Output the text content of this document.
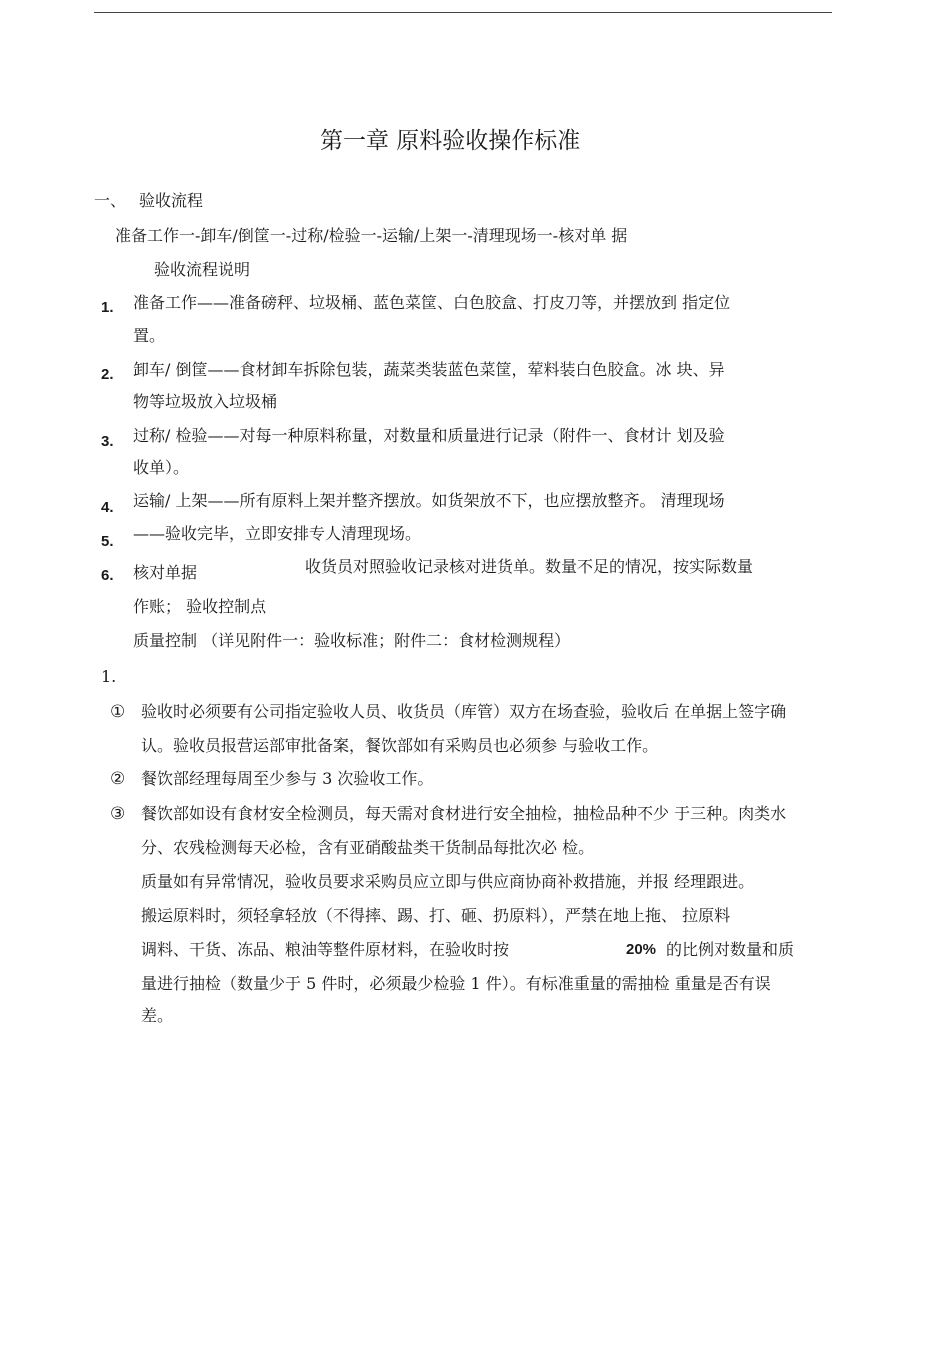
第一章 原料验收操作标准
一、 验收流程
准备工作一-卸车/倒筐一-过称/检验一-运输/上架一-清理现场一-核对单 据
验收流程说明
1. 准备工作——准备磅秤、垃圾桶、蓝色菜筐、白色胶盒、打皮刀等，并摆放到 指定位
置。
2. 卸车/ 倒筐——食材卸车拆除包装，蔬菜类装蓝色菜筐，荤料装白色胶盒。冰 块、异
物等垃圾放入垃圾桶
3. 过称/ 检验——对每一种原料称量，对数量和质量进行记录（附件一、食材计 划及验
收单）。
4. 运输/ 上架——所有原料上架并整齐摆放。如货架放不下，也应摆放整齐。 清理现场
5. ——验收完毕，立即安排专人清理现场。
6. 核对单据	收货员对照验收记录核对进货单。数量不足的情况，按实际数量
作账； 验收控制点
质量控制 （详见附件一：验收标准；附件二：食材检测规程）
1.
① 验收时必须要有公司指定验收人员、收货员（库管）双方在场查验，验收后 在单据上签字确
认。验收员报营运部审批备案，餐饮部如有采购员也必须参 与验收工作。
② 餐饮部经理每周至少参与 3 次验收工作。
③ 餐饮部如设有食材安全检测员，每天需对食材进行安全抽检，抽检品种不少 于三种。肉类水
分、农残检测每天必检，含有亚硝酸盐类干货制品每批次必 检。
质量如有异常情况，验收员要求采购员应立即与供应商协商补救措施，并报 经理跟进。
搬运原料时，须轻拿轻放（不得摔、踢、打、砸、扔原料），严禁在地上拖、 拉原料
调料、干货、冻品、粮油等整件原材料，在验收时按	20% 的比例对数量和质
量进行抽检（数量少于 5 件时，必须最少检验 1 件）。有标准重量的需抽检 重量是否有误
差。
